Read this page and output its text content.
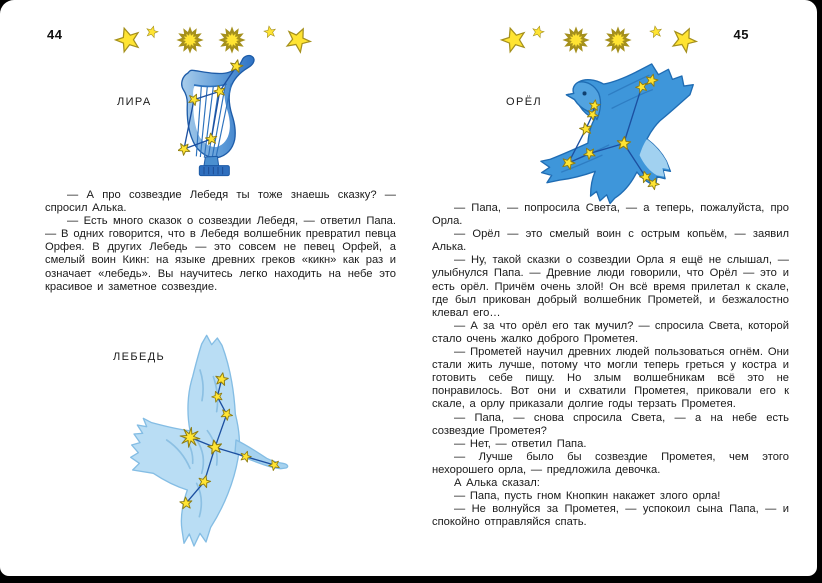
44
ЛИРА
ЛЕБЕДЬ

— А про созвездие Лебедя ты тоже знаешь сказку? — спросил Алька.

— Есть много сказок о созвездии Лебедя, — ответил Папа. — В одних говорится, что в Лебедя волшебник превратил певца Орфея. В других Лебедь — это совсем не певец Орфей, а смелый воин Кикн: на языке древних греков «кикн» как раз и означает «лебедь». Вы научитесь легко находить на небе это красивое и заметное созвездие.

45
ОРЁЛ

— Папа, — попросила Света, — а теперь, пожалуйста, про Орла.

— Орёл — это смелый воин с острым копьём, — заявил Алька.

— Ну, такой сказки о созвездии Орла я ещё не слышал, — улыбнулся Папа. — Древние люди говорили, что Орёл — это и есть орёл. Причём очень злой! Он всё время прилетал к скале, где был прикован добрый волшебник Прометей, и безжалостно клевал его…

— А за что орёл его так мучил? — спросила Света, которой стало очень жалко доброго Прометея.

— Прометей научил древних людей пользоваться огнём. Они стали жить лучше, потому что могли теперь греться у костра и готовить себе пищу. Но злым волшебникам всё это не понравилось. Вот они и схватили Прометея, приковали его к скале, а орлу приказали долгие годы терзать Прометея.

— Папа, — снова спросила Света, — а на небе есть созвездие Прометея?

— Нет, — ответил Папа.

— Лучше было бы созвездие Прометея, чем этого нехорошего орла, — предложила девочка.

А Алька сказал:

— Папа, пусть гном Кнопкин накажет злого орла!

— Не волнуйся за Прометея, — успокоил сына Папа, — и спокойно отправляйся спать.
